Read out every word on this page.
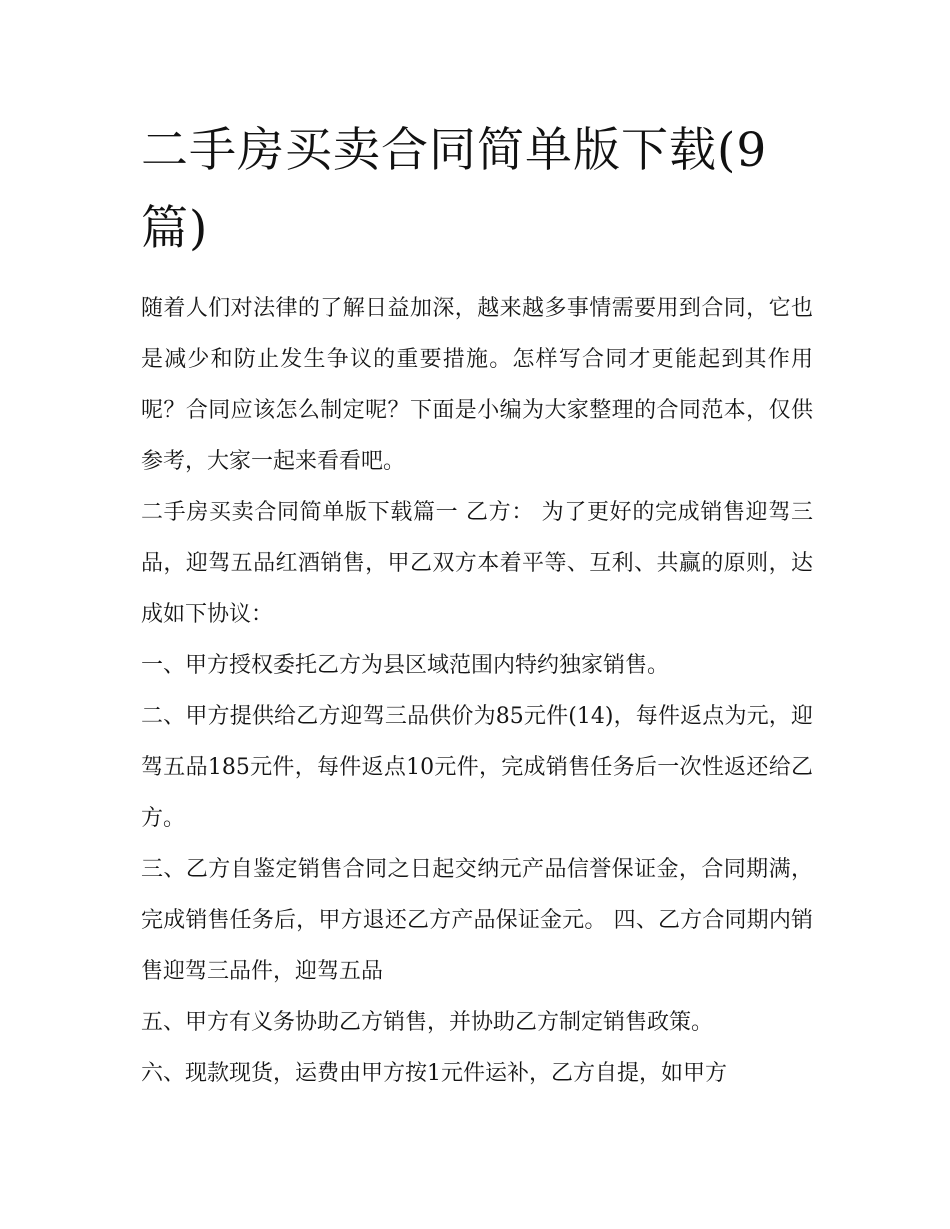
二手房买卖合同简单版下载(9篇)

随着人们对法律的了解日益加深，越来越多事情需要用到合同，它也是减少和防止发生争议的重要措施。怎样写合同才更能起到其作用呢？合同应该怎么制定呢？下面是小编为大家整理的合同范本，仅供参考，大家一起来看看吧。

二手房买卖合同简单版下载篇一 乙方： 为了更好的完成销售迎驾三品，迎驾五品红酒销售，甲乙双方本着平等、互利、共赢的原则，达成如下协议：

一、甲方授权委托乙方为县区域范围内特约独家销售。

二、甲方提供给乙方迎驾三品供价为85元件(14)，每件返点为元，迎驾五品185元件，每件返点10元件，完成销售任务后一次性返还给乙方。

三、乙方自鉴定销售合同之日起交纳元产品信誉保证金，合同期满，完成销售任务后，甲方退还乙方产品保证金元。 四、乙方合同期内销售迎驾三品件，迎驾五品

五、甲方有义务协助乙方销售，并协助乙方制定销售政策。

六、现款现货，运费由甲方按1元件运补，乙方自提，如甲方
